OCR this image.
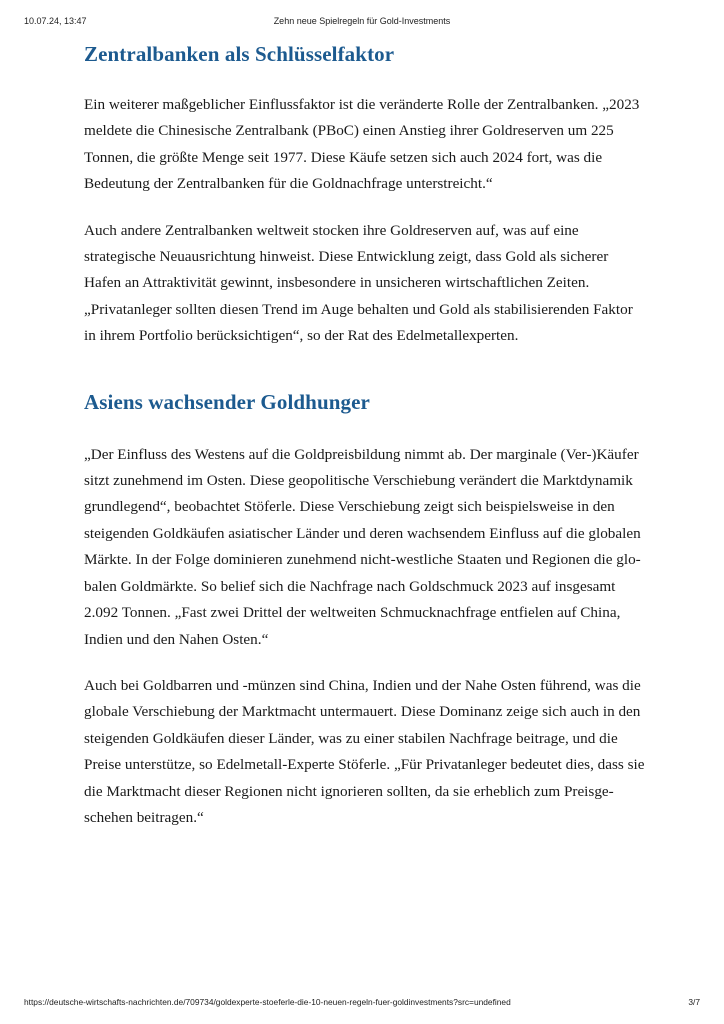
10.07.24, 13:47	Zehn neue Spielregeln für Gold-Investments
Zentralbanken als Schlüsselfaktor

Ein weiterer maßgeblicher Einflussfaktor ist die veränderte Rolle der Zentralbanken. „2023 meldete die Chinesische Zentralbank (PBoC) einen Anstieg ihrer Goldreserven um 225 Tonnen, die größte Menge seit 1977. Diese Käufe setzen sich auch 2024 fort, was die Bedeutung der Zentralbanken für die Goldnachfrage unterstreicht.“

Auch andere Zentralbanken weltweit stocken ihre Goldreserven auf, was auf eine strategische Neuausrichtung hinweist. Diese Entwicklung zeigt, dass Gold als sicherer Hafen an Attraktivität gewinnt, insbesondere in unsicheren wirtschaftlichen Zeiten. „Privatanleger sollten diesen Trend im Auge behalten und Gold als stabilisierenden Faktor in ihrem Portfolio berücksichtigen“, so der Rat des Edelmetallexperten.

Asiens wachsender Goldhunger

„Der Einfluss des Westens auf die Goldpreisbildung nimmt ab. Der marginale (Ver-)Käufer sitzt zunehmend im Osten. Diese geopolitische Verschiebung verändert die Marktdynamik grundlegend“, beobachtet Stöferle. Diese Verschiebung zeigt sich beispielsweise in den steigenden Goldkäufen asiatischer Länder und deren wachsendem Einfluss auf die globalen Märkte. In der Folge dominieren zunehmend nicht-westliche Staaten und Regionen die globalen Goldmärkte. So belief sich die Nachfrage nach Goldschmuck 2023 auf insgesamt 2.092 Tonnen. „Fast zwei Drittel der weltweiten Schmucknachfrage entfielen auf China, Indien und den Nahen Osten.“

Auch bei Goldbarren und -münzen sind China, Indien und der Nahe Osten führend, was die globale Verschiebung der Marktmacht untermauert. Diese Dominanz zeige sich auch in den steigenden Goldkäufen dieser Länder, was zu einer stabilen Nachfrage beitrage, und die Preise unterstütze, so Edelmetall-Experte Stöferle. „Für Privatanleger bedeutet dies, dass sie die Marktmacht dieser Regionen nicht ignorieren sollten, da sie erheblich zum Preisgeschehen beitragen.“

https://deutsche-wirtschafts-nachrichten.de/709734/goldexperte-stoeferle-die-10-neuen-regeln-fuer-goldinvestments?src=undefined	3/7
